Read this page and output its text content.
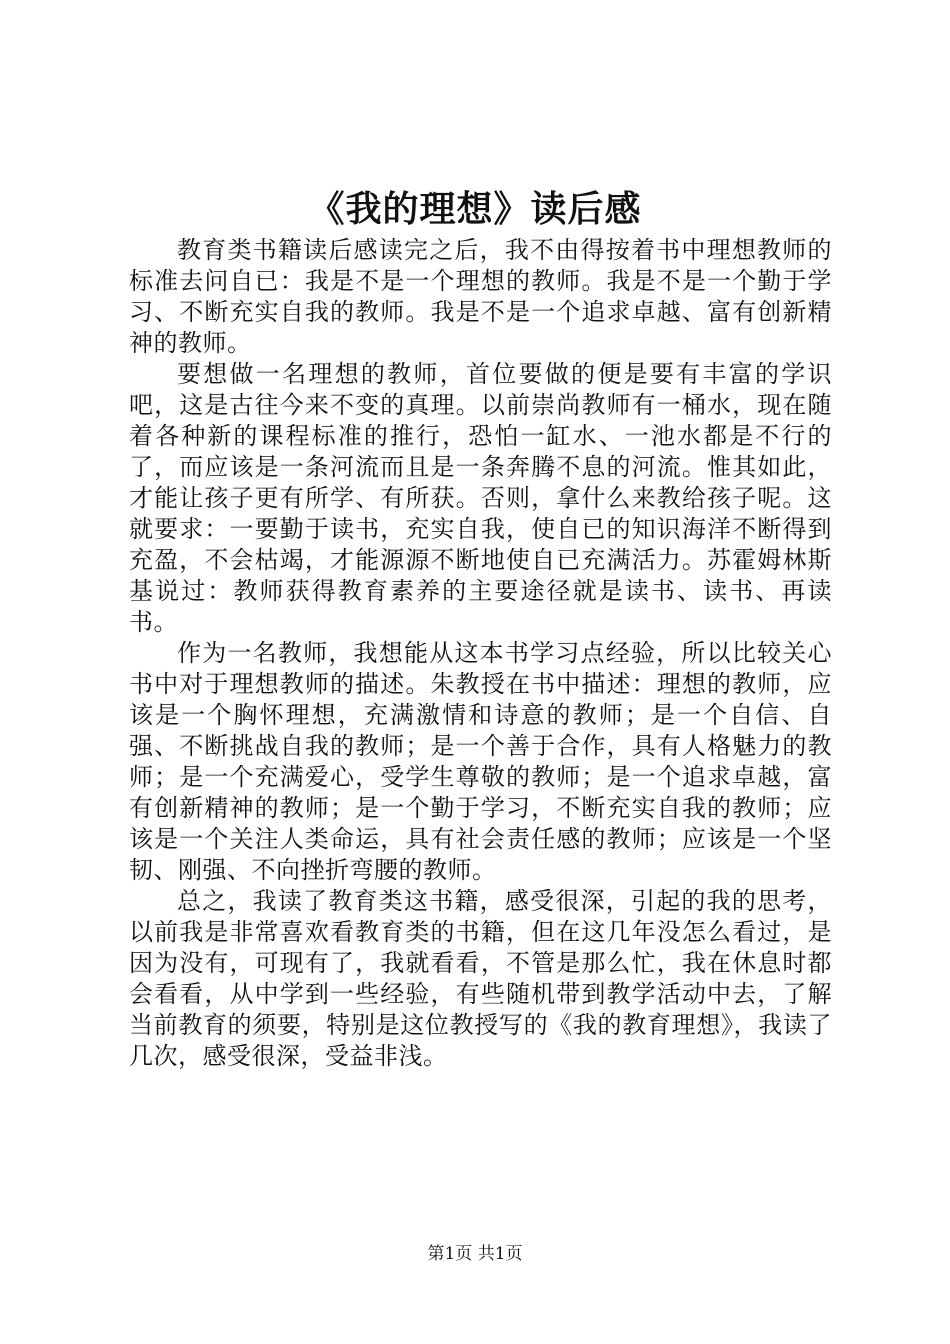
《我的理想》读后感

教育类书籍读后感读完之后，我不由得按着书中理想教师的标准去问自已：我是不是一个理想的教师。我是不是一个勤于学习、不断充实自我的教师。我是不是一个追求卓越、富有创新精神的教师。

要想做一名理想的教师，首位要做的便是要有丰富的学识吧，这是古往今来不变的真理。以前崇尚教师有一桶水，现在随着各种新的课程标准的推行，恐怕一缸水、一池水都是不行的了，而应该是一条河流而且是一条奔腾不息的河流。惟其如此，才能让孩子更有所学、有所获。否则，拿什么来教给孩子呢。这就要求：一要勤于读书，充实自我，使自已的知识海洋不断得到充盈，不会枯竭，才能源源不断地使自已充满活力。苏霍姆林斯基说过：教师获得教育素养的主要途径就是读书、读书、再读书。

作为一名教师，我想能从这本书学习点经验，所以比较关心书中对于理想教师的描述。朱教授在书中描述：理想的教师，应该是一个胸怀理想，充满激情和诗意的教师；是一个自信、自强、不断挑战自我的教师；是一个善于合作，具有人格魅力的教师；是一个充满爱心，受学生尊敬的教师；是一个追求卓越，富有创新精神的教师；是一个勤于学习，不断充实自我的教师；应该是一个关注人类命运，具有社会责任感的教师；应该是一个坚韧、刚强、不向挫折弯腰的教师。

总之，我读了教育类这书籍，感受很深，引起的我的思考，以前我是非常喜欢看教育类的书籍，但在这几年没怎么看过，是因为没有，可现有了，我就看看，不管是那么忙，我在休息时都会看看，从中学到一些经验，有些随机带到教学活动中去，了解当前教育的须要，特别是这位教授写的《我的教育理想》，我读了几次，感受很深，受益非浅。

第1页 共1页
